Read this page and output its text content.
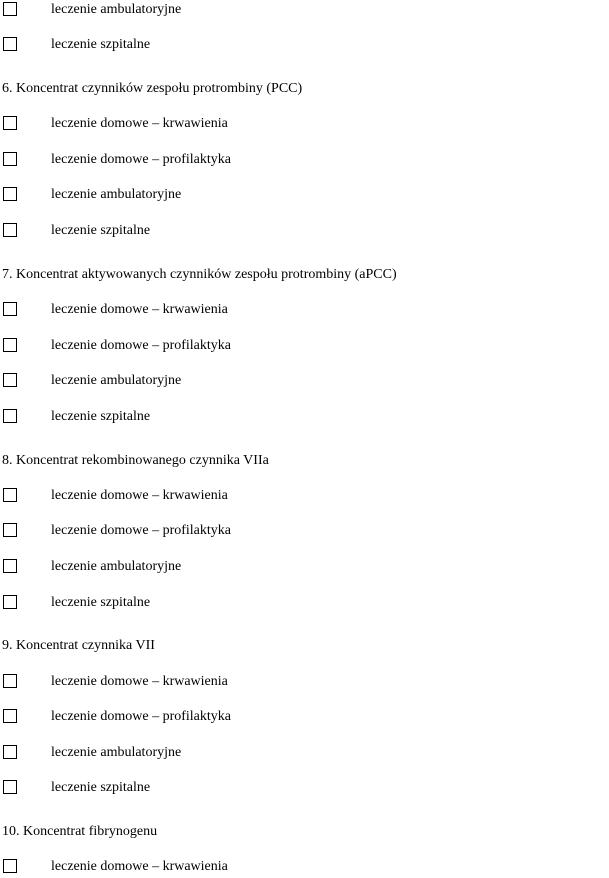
leczenie ambulatoryjne
leczenie szpitalne
6. Koncentrat czynników zespołu protrombiny (PCC)
leczenie domowe – krwawienia
leczenie domowe – profilaktyka
leczenie ambulatoryjne
leczenie szpitalne
7. Koncentrat aktywowanych czynników zespołu protrombiny (aPCC)
leczenie domowe – krwawienia
leczenie domowe – profilaktyka
leczenie ambulatoryjne
leczenie szpitalne
8. Koncentrat rekombinowanego czynnika VIIa
leczenie domowe – krwawienia
leczenie domowe – profilaktyka
leczenie ambulatoryjne
leczenie szpitalne
9. Koncentrat czynnika VII
leczenie domowe – krwawienia
leczenie domowe – profilaktyka
leczenie ambulatoryjne
leczenie szpitalne
10. Koncentrat fibrynogenu
leczenie domowe – krwawienia
